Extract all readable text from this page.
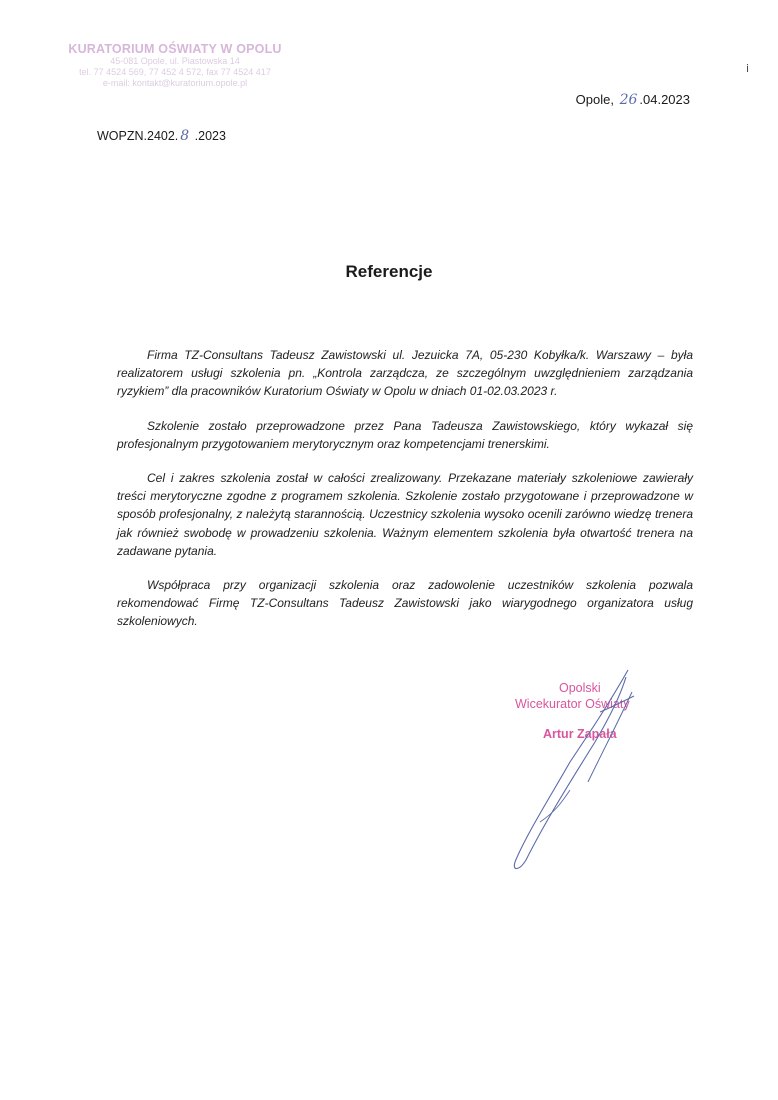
KURATORIUM OŚWIATY W OPOLU
45-081 Opole, ul. Piastowska 14
tel. 77 4524 569, 77 452 4 572, fax 77 4524 417
e-mail: kontakt@kuratorium.opole.pl
ⅰ
Opole, 26 .04.2023
WOPZN.2402. 8 .2023
Referencje

Firma TZ-Consultans Tadeusz Zawistowski ul. Jezuicka 7A, 05-230 Kobyłka/k. Warszawy – była realizatorem usługi szkolenia pn. „Kontrola zarządcza, ze szczególnym uwzględnieniem zarządzania ryzykiem” dla pracowników Kuratorium Oświaty w Opolu w dniach 01-02.03.2023 r.

Szkolenie zostało przeprowadzone przez Pana Tadeusza Zawistowskiego, który wykazał się profesjonalnym przygotowaniem merytorycznym oraz kompetencjami trenerskimi.

Cel i zakres szkolenia został w całości zrealizowany. Przekazane materiały szkoleniowe zawierały treści merytoryczne zgodne z programem szkolenia. Szkolenie zostało przygotowane i przeprowadzone w sposób profesjonalny, z należytą starannością. Uczestnicy szkolenia wysoko ocenili zarówno wiedzę trenera jak również swobodę w prowadzeniu szkolenia. Ważnym elementem szkolenia była otwartość trenera na zadawane pytania.

Współpraca przy organizacji szkolenia oraz zadowolenie uczestników szkolenia pozwala rekomendować Firmę TZ-Consultans Tadeusz Zawistowski jako wiarygodnego organizatora usług szkoleniowych.

Opolski
Wicekurator Oświaty
Artur Zapała
